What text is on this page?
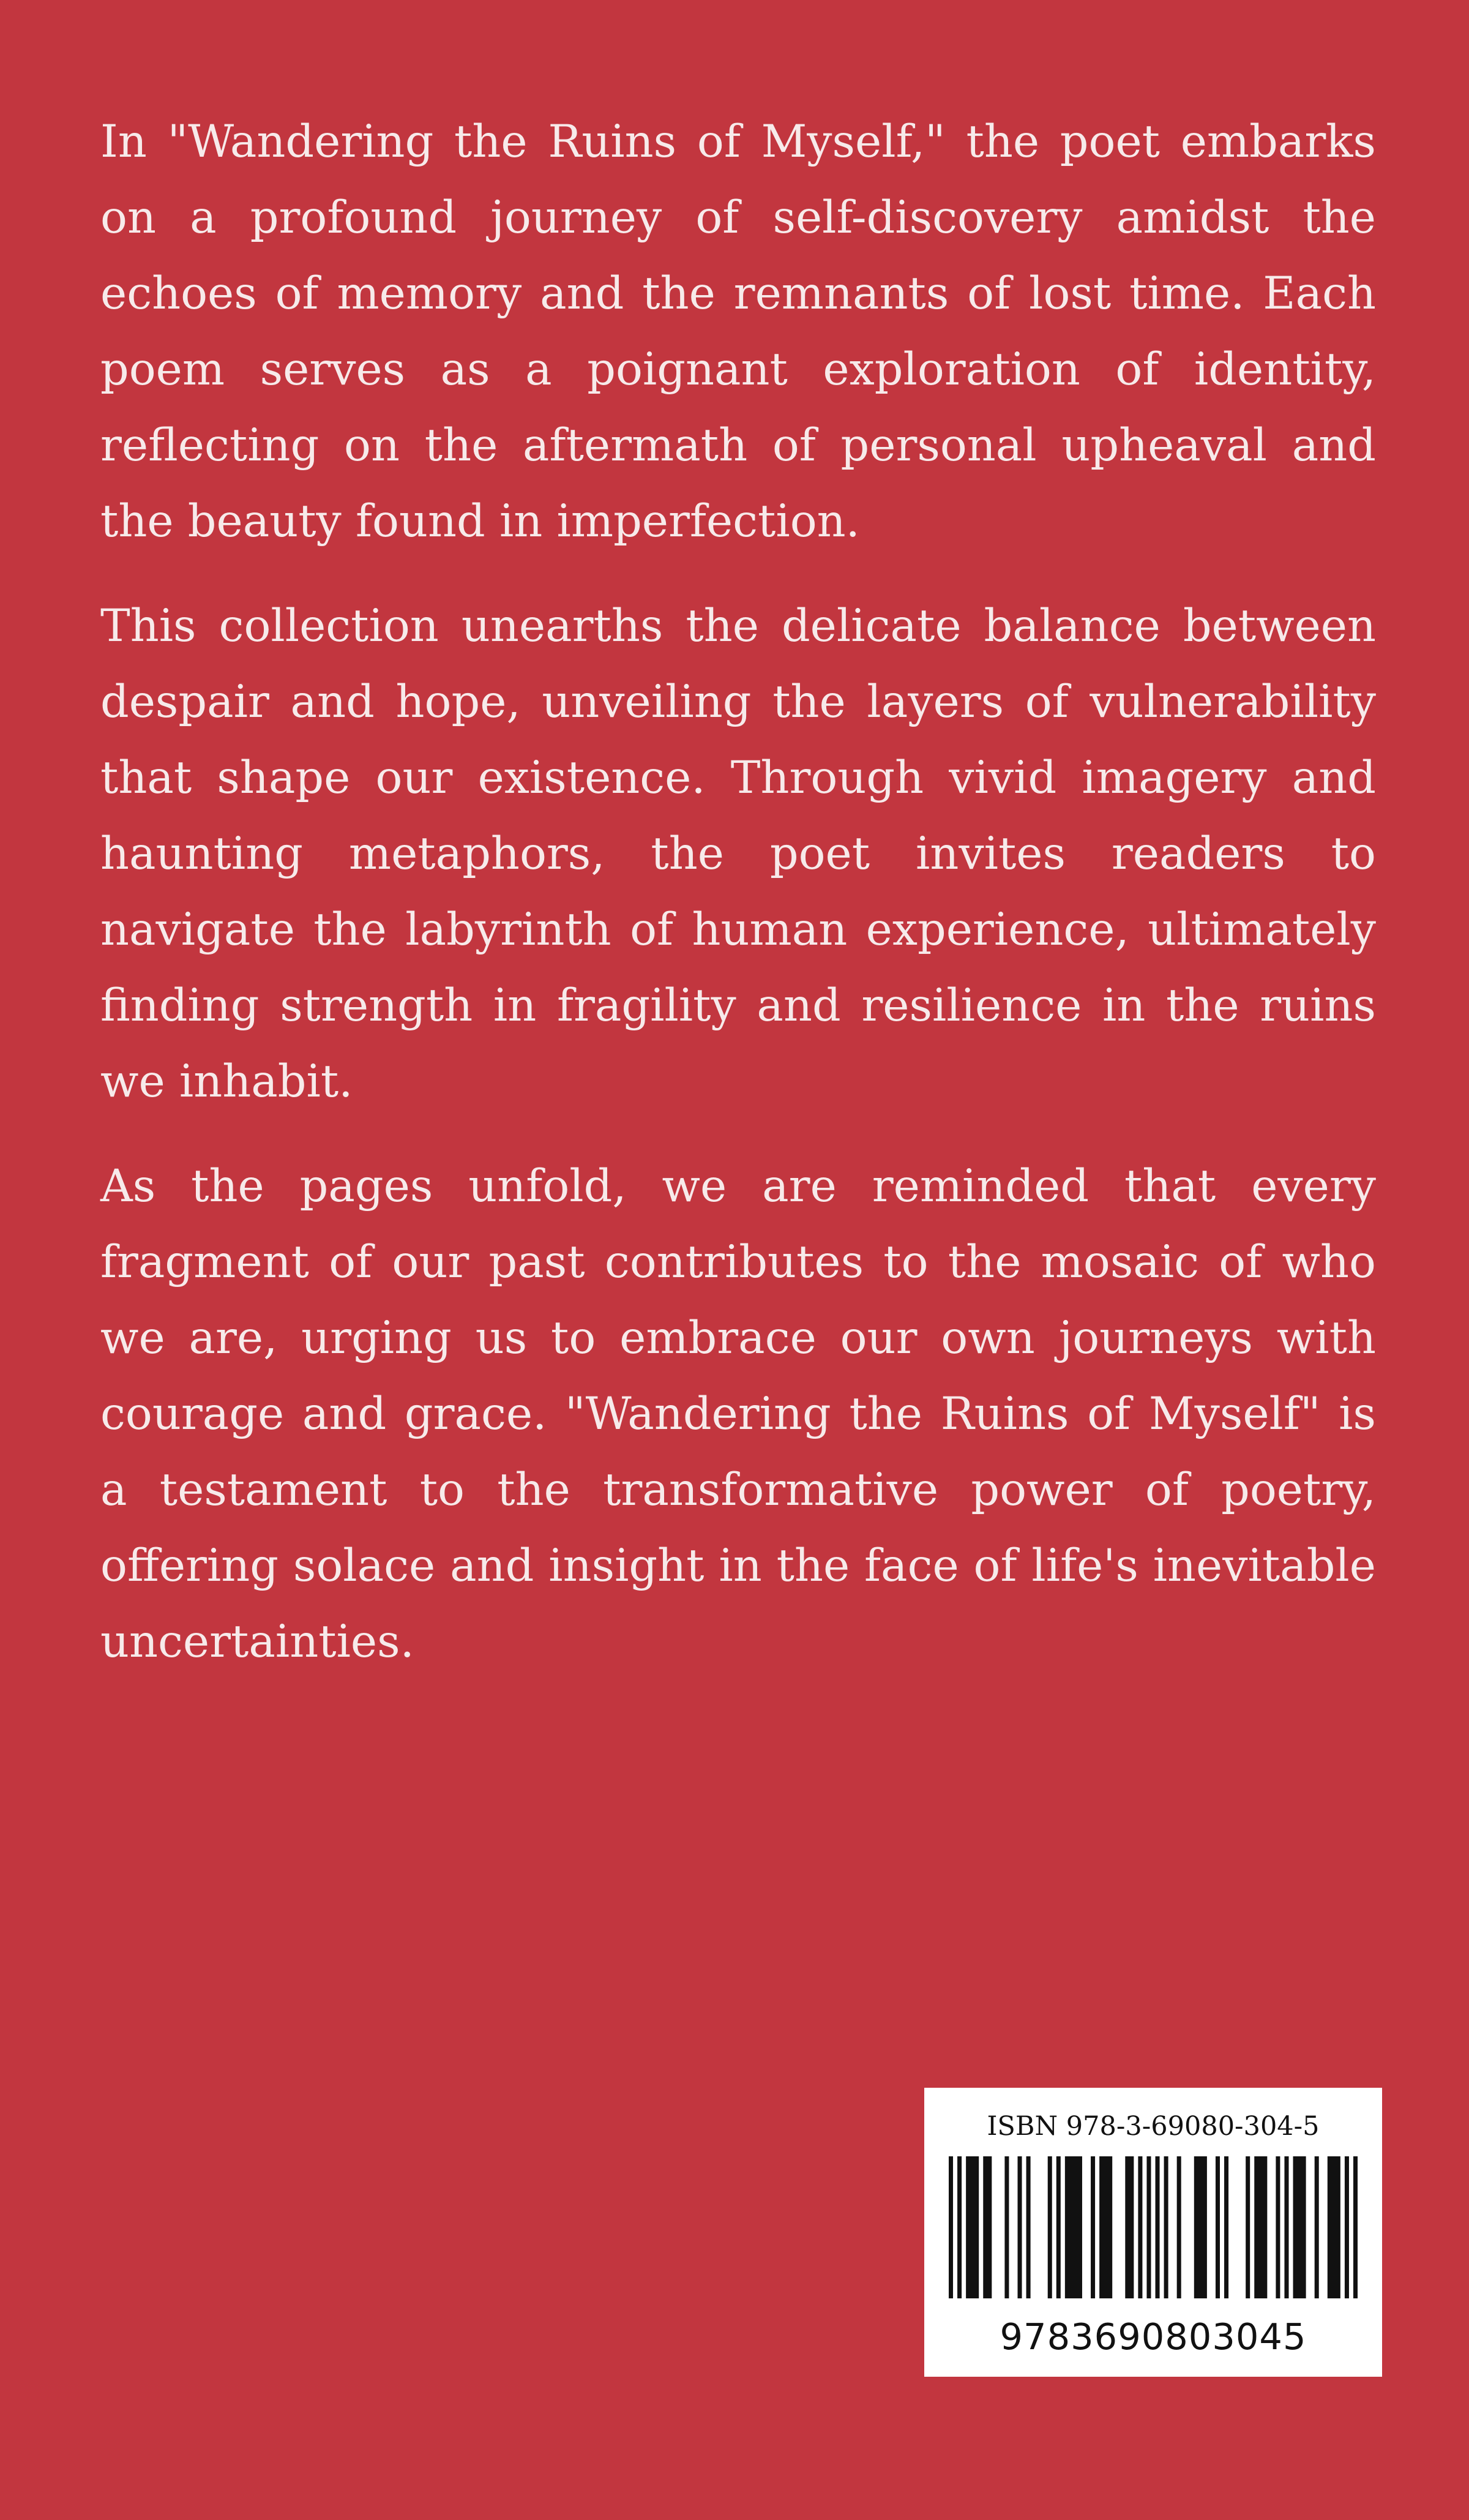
In "Wandering the Ruins of Myself," the poet embarks on a profound journey of self-discovery amidst the echoes of memory and the remnants of lost time. Each poem serves as a poignant exploration of identity, reflecting on the aftermath of personal upheaval and the beauty found in imperfection.

This collection unearths the delicate balance between despair and hope, unveiling the layers of vulnerability that shape our existence. Through vivid imagery and haunting metaphors, the poet invites readers to navigate the labyrinth of human experience, ultimately finding strength in fragility and resilience in the ruins we inhabit.

As the pages unfold, we are reminded that every fragment of our past contributes to the mosaic of who we are, urging us to embrace our own journeys with courage and grace. "Wandering the Ruins of Myself" is a testament to the transformative power of poetry, offering solace and insight in the face of life's inevitable uncertainties.

ISBN 978-3-69080-304-5
9783690803045
